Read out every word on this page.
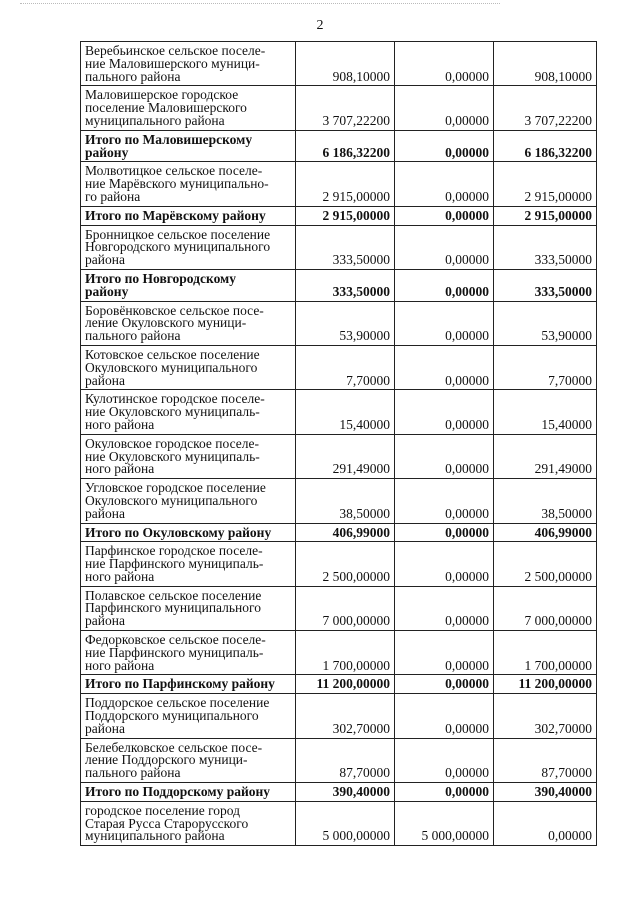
2
Веребьинское сельское поселе-
ние Маловишерского муници-
пального района	908,10000	0,00000	908,10000
Маловишерское городское
поселение Маловишерского
муниципального района	3 707,22200	0,00000	3 707,22200
Итого по Маловишерскому
району	6 186,32200	0,00000	6 186,32200
Молвотицкое сельское поселе-
ние Марёвского муниципально-
го района	2 915,00000	0,00000	2 915,00000
Итого по Марёвскому району	2 915,00000	0,00000	2 915,00000
Бронницкое сельское поселение
Новгородского муниципального
района	333,50000	0,00000	333,50000
Итого по Новгородскому
району	333,50000	0,00000	333,50000
Боровёнковское сельское посе-
ление Окуловского муници-
пального района	53,90000	0,00000	53,90000
Котовское сельское поселение
Окуловского муниципального
района	7,70000	0,00000	7,70000
Кулотинское городское поселе-
ние Окуловского муниципаль-
ного района	15,40000	0,00000	15,40000
Окуловское городское поселе-
ние Окуловского муниципаль-
ного района	291,49000	0,00000	291,49000
Угловское городское поселение
Окуловского муниципального
района	38,50000	0,00000	38,50000
Итого по Окуловскому району	406,99000	0,00000	406,99000
Парфинское городское поселе-
ние Парфинского муниципаль-
ного района	2 500,00000	0,00000	2 500,00000
Полавское сельское поселение
Парфинского муниципального
района	7 000,00000	0,00000	7 000,00000
Федорковское сельское поселе-
ние Парфинского муниципаль-
ного района	1 700,00000	0,00000	1 700,00000
Итого по Парфинскому району	11 200,00000	0,00000	11 200,00000
Поддорское сельское поселение
Поддорского муниципального
района	302,70000	0,00000	302,70000
Белебелковское сельское посе-
ление Поддорского муници-
пального района	87,70000	0,00000	87,70000
Итого по Поддорскому району	390,40000	0,00000	390,40000
городское поселение город
Старая Русса Старорусского
муниципального района	5 000,00000	5 000,00000	0,00000
